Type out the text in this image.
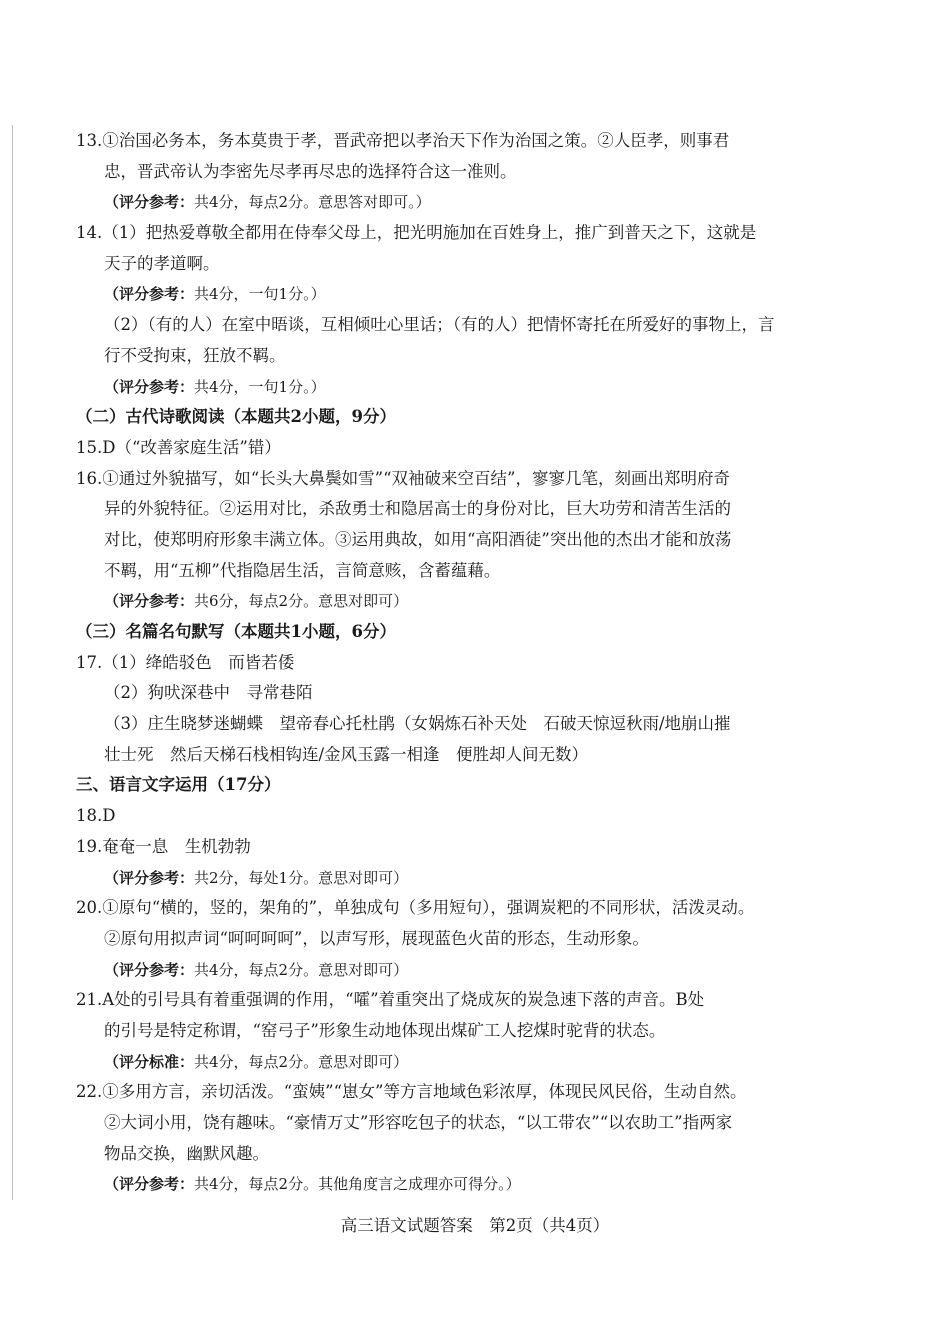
13.①治国必务本，务本莫贵于孝，晋武帝把以孝治天下作为治国之策。②人臣孝，则事君
忠，晋武帝认为李密先尽孝再尽忠的选择符合这一准则。
（评分参考：共4分，每点2分。意思答对即可。）
14.（1）把热爱尊敬全都用在侍奉父母上，把光明施加在百姓身上，推广到普天之下，这就是
天子的孝道啊。
（评分参考：共4分，一句1分。）
（2）（有的人）在室中晤谈，互相倾吐心里话；（有的人）把情怀寄托在所爱好的事物上，言
行不受拘束，狂放不羁。
（评分参考：共4分，一句1分。）
（二）古代诗歌阅读（本题共2小题，9分）
15.D（“改善家庭生活”错）
16.①通过外貌描写，如“长头大鼻鬓如雪”“双袖破来空百结”，寥寥几笔，刻画出郑明府奇
异的外貌特征。②运用对比，杀敌勇士和隐居高士的身份对比，巨大功劳和清苦生活的
对比，使郑明府形象丰满立体。③运用典故，如用“高阳酒徒”突出他的杰出才能和放荡
不羁，用“五柳”代指隐居生活，言简意赅，含蓄蕴藉。
（评分参考：共6分，每点2分。意思对即可）
（三）名篇名句默写（本题共1小题，6分）
17.（1）绛皓驳色　而皆若倭
（2）狗吠深巷中　寻常巷陌
（3）庄生晓梦迷蝴蝶　望帝春心托杜鹃（女娲炼石补天处　石破天惊逗秋雨/地崩山摧
壮士死　然后天梯石栈相钩连/金风玉露一相逢　便胜却人间无数）
三、语言文字运用（17分）
18.D
19.奄奄一息　生机勃勃
（评分参考：共2分，每处1分。意思对即可）
20.①原句“横的，竖的，架角的”，单独成句（多用短句），强调炭粑的不同形状，活泼灵动。
②原句用拟声词“呵呵呵呵”，以声写形，展现蓝色火苗的形态，生动形象。
（评分参考：共4分，每点2分。意思对即可）
21.A处的引号具有着重强调的作用，“嚯”着重突出了烧成灰的炭急速下落的声音。B处
的引号是特定称谓，“窑弓子”形象生动地体现出煤矿工人挖煤时驼背的状态。
（评分标准：共4分，每点2分。意思对即可）
22.①多用方言，亲切活泼。“蛮姨”“崽女”等方言地域色彩浓厚，体现民风民俗，生动自然。
②大词小用，饶有趣味。“豪情万丈”形容吃包子的状态，“以工带农”“以农助工”指两家
物品交换，幽默风趣。
（评分参考：共4分，每点2分。其他角度言之成理亦可得分。）
高三语文试题答案　第2页（共4页）
